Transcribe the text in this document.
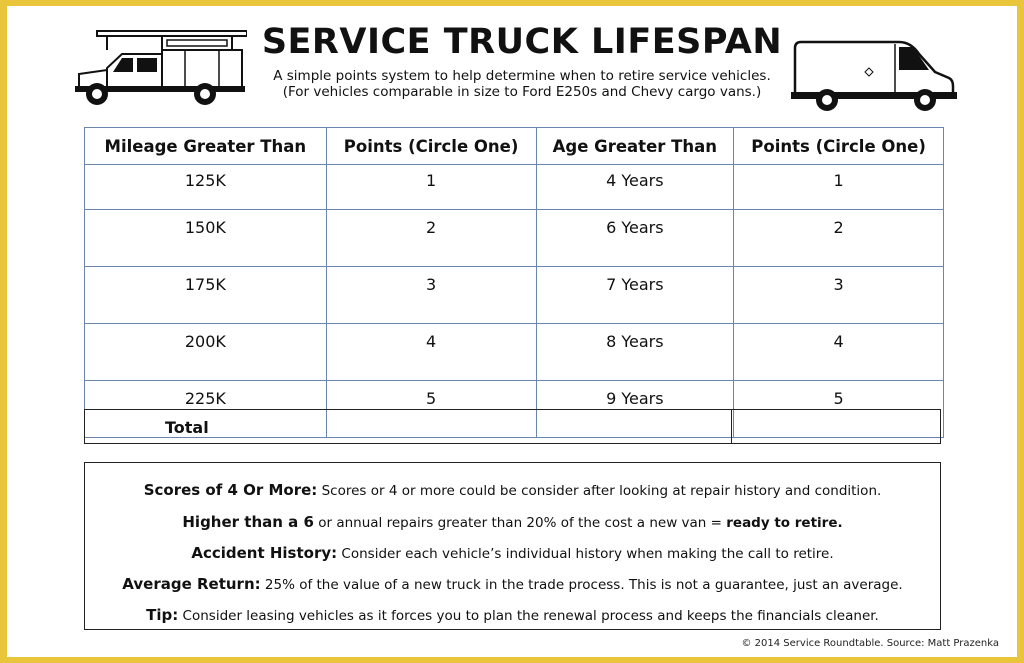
SERVICE TRUCK LIFESPAN
A simple points system to help determine when to retire service vehicles.
(For vehicles comparable in size to Ford E250s and Chevy cargo vans.)
Mileage Greater Than	Points (Circle One)	Age Greater Than	Points (Circle One)
125K	1	4 Years	1
150K	2	6 Years	2
175K	3	7 Years	3
200K	4	8 Years	4
225K	5	9 Years	5
Total
Scores of 4 Or More: Scores or 4 or more could be consider after looking at repair history and condition.
Higher than a 6 or annual repairs greater than 20% of the cost a new van = ready to retire.
Accident History: Consider each vehicle’s individual history when making the call to retire.
Average Return: 25% of the value of a new truck in the trade process. This is not a guarantee, just an average.
Tip: Consider leasing vehicles as it forces you to plan the renewal process and keeps the financials cleaner.
© 2014 Service Roundtable. Source: Matt Prazenka
